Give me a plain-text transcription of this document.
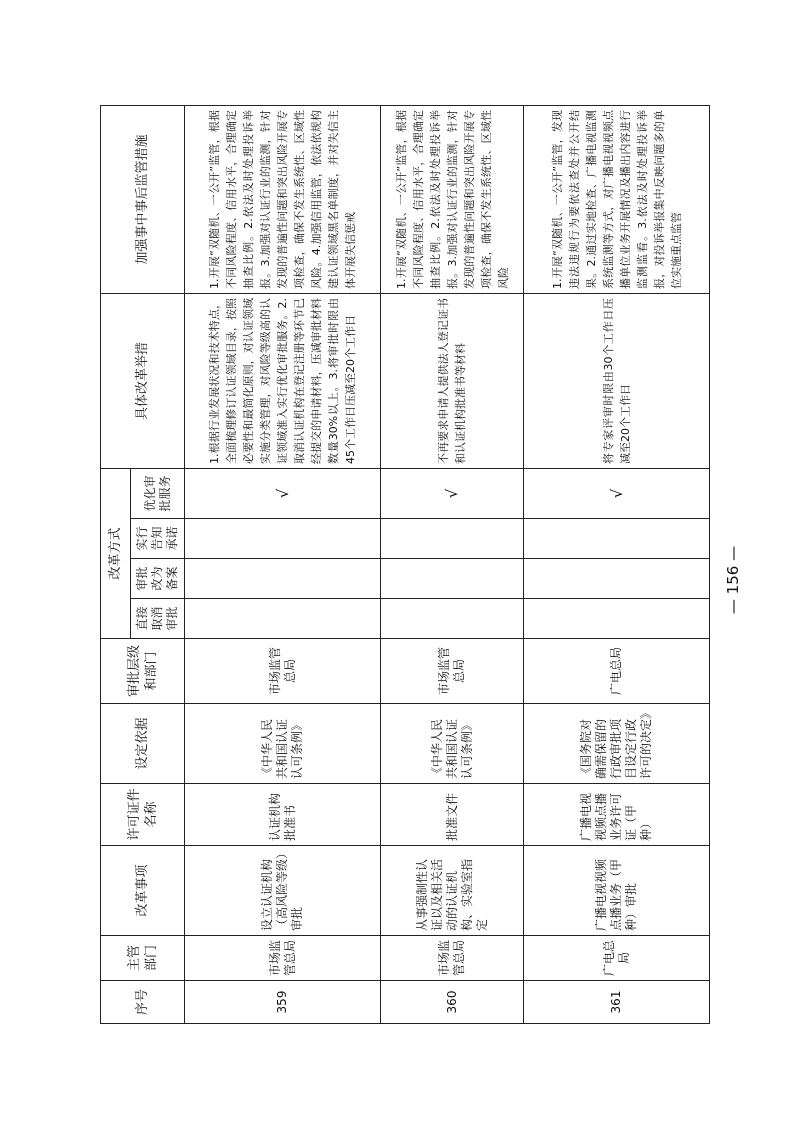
序号	主管部门	改革事项	许可证件名称	设定依据	审批层级和部门	改革方式				具体改革举措	加强事中事后监管措施
						直接取消审批	审批改为备案	实行告知承诺	优化审批服务		
359	市场监管总局	设立认证机构（高风险等级）审批	认证机构批准书	《中华人民共和国认证认可条例》	市场监管总局				√	1.根据行业发展状况和技术特点，全面梳理修订认证领域目录，按照必要性和最简化原则，对认证领域实施分类管理，对风险等级高的认证领域准入实行优化审批服务。2.取消认证机构在登记注册等环节已经提交的申请材料，压减审批材料数量30%以上。3.将审批时限由45个工作日压减至20个工作日	1.开展“双随机、一公开”监管，根据不同风险程度、信用水平，合理确定抽查比例。2.依法及时处理投诉举报。3.加强对认证行业的监测，针对发现的普遍性问题和突出风险开展专项检查，确保不发生系统性、区域性风险。4.加强信用监管，依法依规构建认证领域黑名单制度，并对失信主体开展失信惩戒
360	市场监管总局	从事强制性认证以及相关活动的认证机构、实验室指定	批准文件	《中华人民共和国认证认可条例》	市场监管总局				√	不再要求申请人提供法人登记证书和认证机构批准书等材料	1.开展“双随机、一公开”监管，根据不同风险程度、信用水平，合理确定抽查比例。2.依法及时处理投诉举报。3.加强对认证行业的监测，针对发现的普遍性问题和突出风险开展专项检查，确保不发生系统性、区域性风险
361	广电总局	广播电视视频点播业务（甲种）审批	广播电视视频点播业务许可证（甲种）	《国务院对确需保留的行政审批项目设定行政许可的决定》	广电总局				√	将专家评审时限由30个工作日压减至20个工作日	1.开展“双随机、一公开”监管，发现违法违规行为要依法查处并公开结果。2.通过实地检查、广播电视监测系统监测等方式，对广播电视视频点播单位业务开展情况及播出内容进行监测监看。3.依法及时处理投诉举报，对投诉举报集中反映问题多的单位实施重点监管
— 156 —
